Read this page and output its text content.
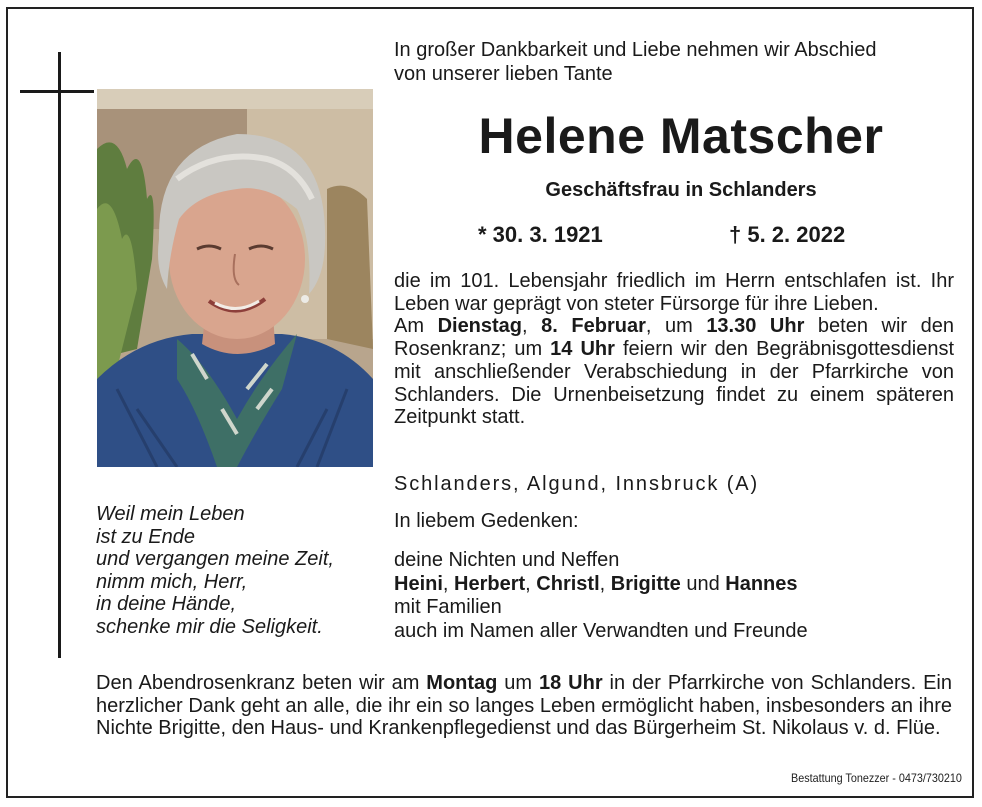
In großer Dankbarkeit und Liebe nehmen wir Abschied
von unserer lieben Tante
Helene Matscher
Geschäftsfrau in Schlanders
* 30. 3. 1921	† 5. 2. 2022

die im 101. Lebensjahr friedlich im Herrn entschlafen ist. Ihr Leben war geprägt von steter Fürsorge für ihre Lieben.

Am Dienstag, 8. Februar, um 13.30 Uhr beten wir den Rosenkranz; um 14 Uhr feiern wir den Begräbnisgottesdienst mit anschließender Verabschiedung in der Pfarrkirche von Schlanders. Die Urnenbeisetzung findet zu einem späteren Zeitpunkt statt.

Schlanders, Algund, Innsbruck (A)
In liebem Gedenken:
deine Nichten und Neffen
Heini, Herbert, Christl, Brigitte und Hannes
mit Familien
auch im Namen aller Verwandten und Freunde
Weil mein Leben
ist zu Ende
und vergangen meine Zeit,
nimm mich, Herr,
in deine Hände,
schenke mir die Seligkeit.
Den Abendrosenkranz beten wir am Montag um 18 Uhr in der Pfarrkirche von Schlanders. Ein herzlicher Dank geht an alle, die ihr ein so langes Leben ermöglicht haben, insbesonders an ihre Nichte Brigitte, den Haus- und Krankenpflegedienst und das Bürgerheim St. Nikolaus v. d. Flüe.
Bestattung Tonezzer - 0473/730210
